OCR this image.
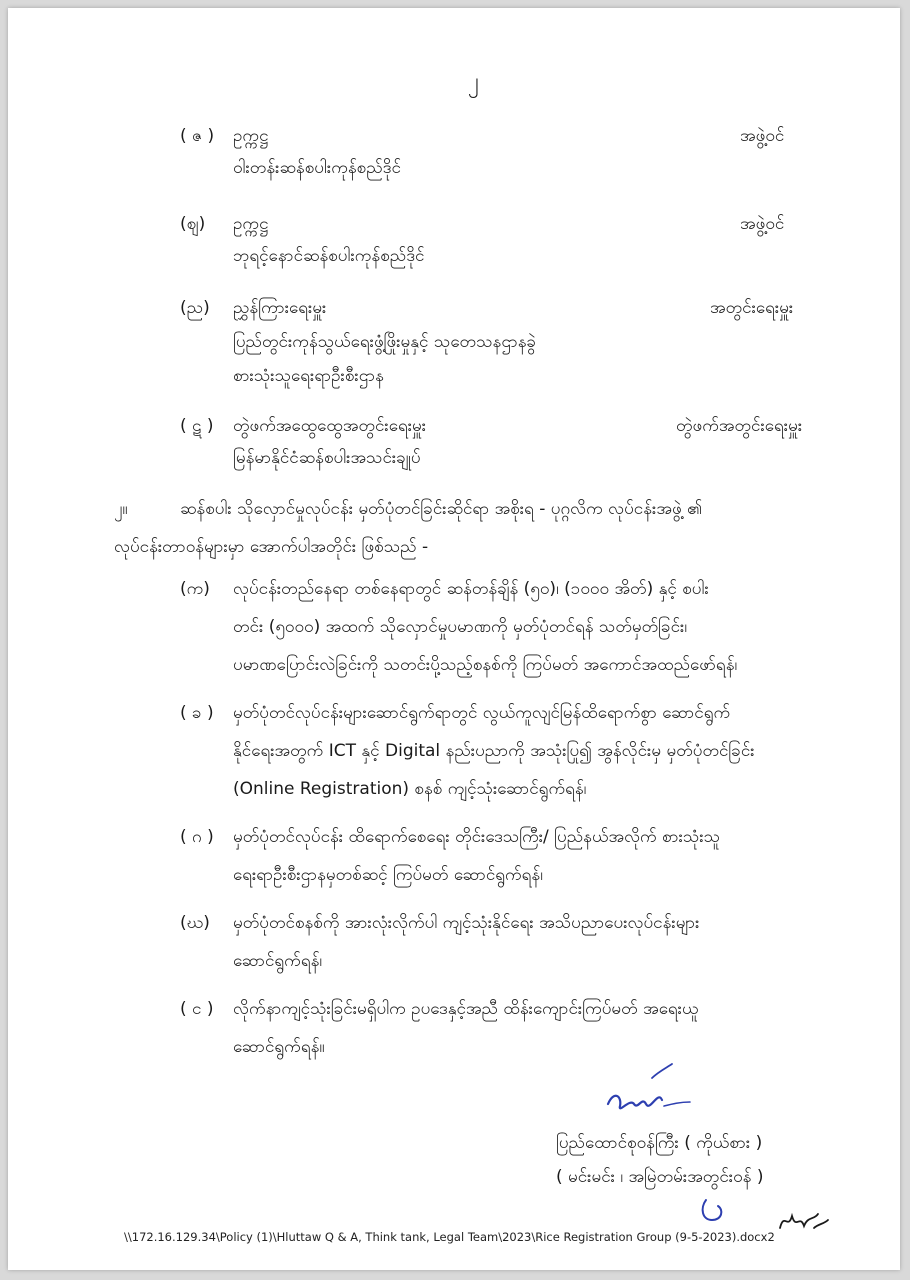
၂
( ဇ ) ဥက္ကဋ္ဌ
ဝါးတန်းဆန်စပါးကုန်စည်ဒိုင်
အဖွဲ့ဝင်
(ဈ) ဥက္ကဋ္ဌ
ဘုရင့်နောင်ဆန်စပါးကုန်စည်ဒိုင်
အဖွဲ့ဝင်
(ည) ညွှန်ကြားရေးမှူး
ပြည်တွင်းကုန်သွယ်ရေးဖွံ့ဖြိုးမှုနှင့် သုတေသနဌာနခွဲ
စားသုံးသူရေးရာဦးစီးဌာန
အတွင်းရေးမှူး
( ဋ ) တွဲဖက်အထွေထွေအတွင်းရေးမှူး
မြန်မာနိုင်ငံဆန်စပါးအသင်းချုပ်
တွဲဖက်အတွင်းရေးမှူး
၂။	ဆန်စပါး သိုလှောင်မှုလုပ်ငန်း မှတ်ပုံတင်ခြင်းဆိုင်ရာ အစိုးရ - ပုဂ္ဂလိက လုပ်ငန်းအဖွဲ့ ၏
လုပ်ငန်းတာဝန်များမှာ အောက်ပါအတိုင်း ဖြစ်သည် -
(က) လုပ်ငန်းတည်နေရာ တစ်နေရာတွင် ဆန်တန်ချိန် (၅၀)၊ (၁၀၀၀ အိတ်) နှင့် စပါး
တင်း (၅၀၀၀) အထက် သိုလှောင်မှုပမာဏကို မှတ်ပုံတင်ရန် သတ်မှတ်ခြင်း၊
ပမာဏပြောင်းလဲခြင်းကို သတင်းပို့သည့်စနစ်ကို ကြပ်မတ် အကောင်အထည်ဖော်ရန်၊
( ခ ) မှတ်ပုံတင်လုပ်ငန်းများဆောင်ရွက်ရာတွင် လွယ်ကူလျင်မြန်ထိရောက်စွာ ဆောင်ရွက်
နိုင်ရေးအတွက် ICT နှင့် Digital နည်းပညာကို အသုံးပြု၍ အွန်လိုင်းမှ မှတ်ပုံတင်ခြင်း
(Online Registration) စနစ် ကျင့်သုံးဆောင်ရွက်ရန်၊
( ဂ ) မှတ်ပုံတင်လုပ်ငန်း ထိရောက်စေရေး တိုင်းဒေသကြီး/ ပြည်နယ်အလိုက် စားသုံးသူ
ရေးရာဦးစီးဌာနမှတစ်ဆင့် ကြပ်မတ် ဆောင်ရွက်ရန်၊
(ဃ) မှတ်ပုံတင်စနစ်ကို အားလုံးလိုက်ပါ ကျင့်သုံးနိုင်ရေး အသိပညာပေးလုပ်ငန်းများ
ဆောင်ရွက်ရန်၊
( င ) လိုက်နာကျင့်သုံးခြင်းမရှိပါက ဥပဒေနှင့်အညီ ထိန်းကျောင်းကြပ်မတ် အရေးယူ
ဆောင်ရွက်ရန်။
ပြည်ထောင်စုဝန်ကြီး ( ကိုယ်စား )
( မင်းမင်း ၊ အမြဲတမ်းအတွင်းဝန် )
\\172.16.129.34\Policy (1)\Hluttaw Q & A, Think tank, Legal Team\2023\Rice Registration Group (9-5-2023).docx2
